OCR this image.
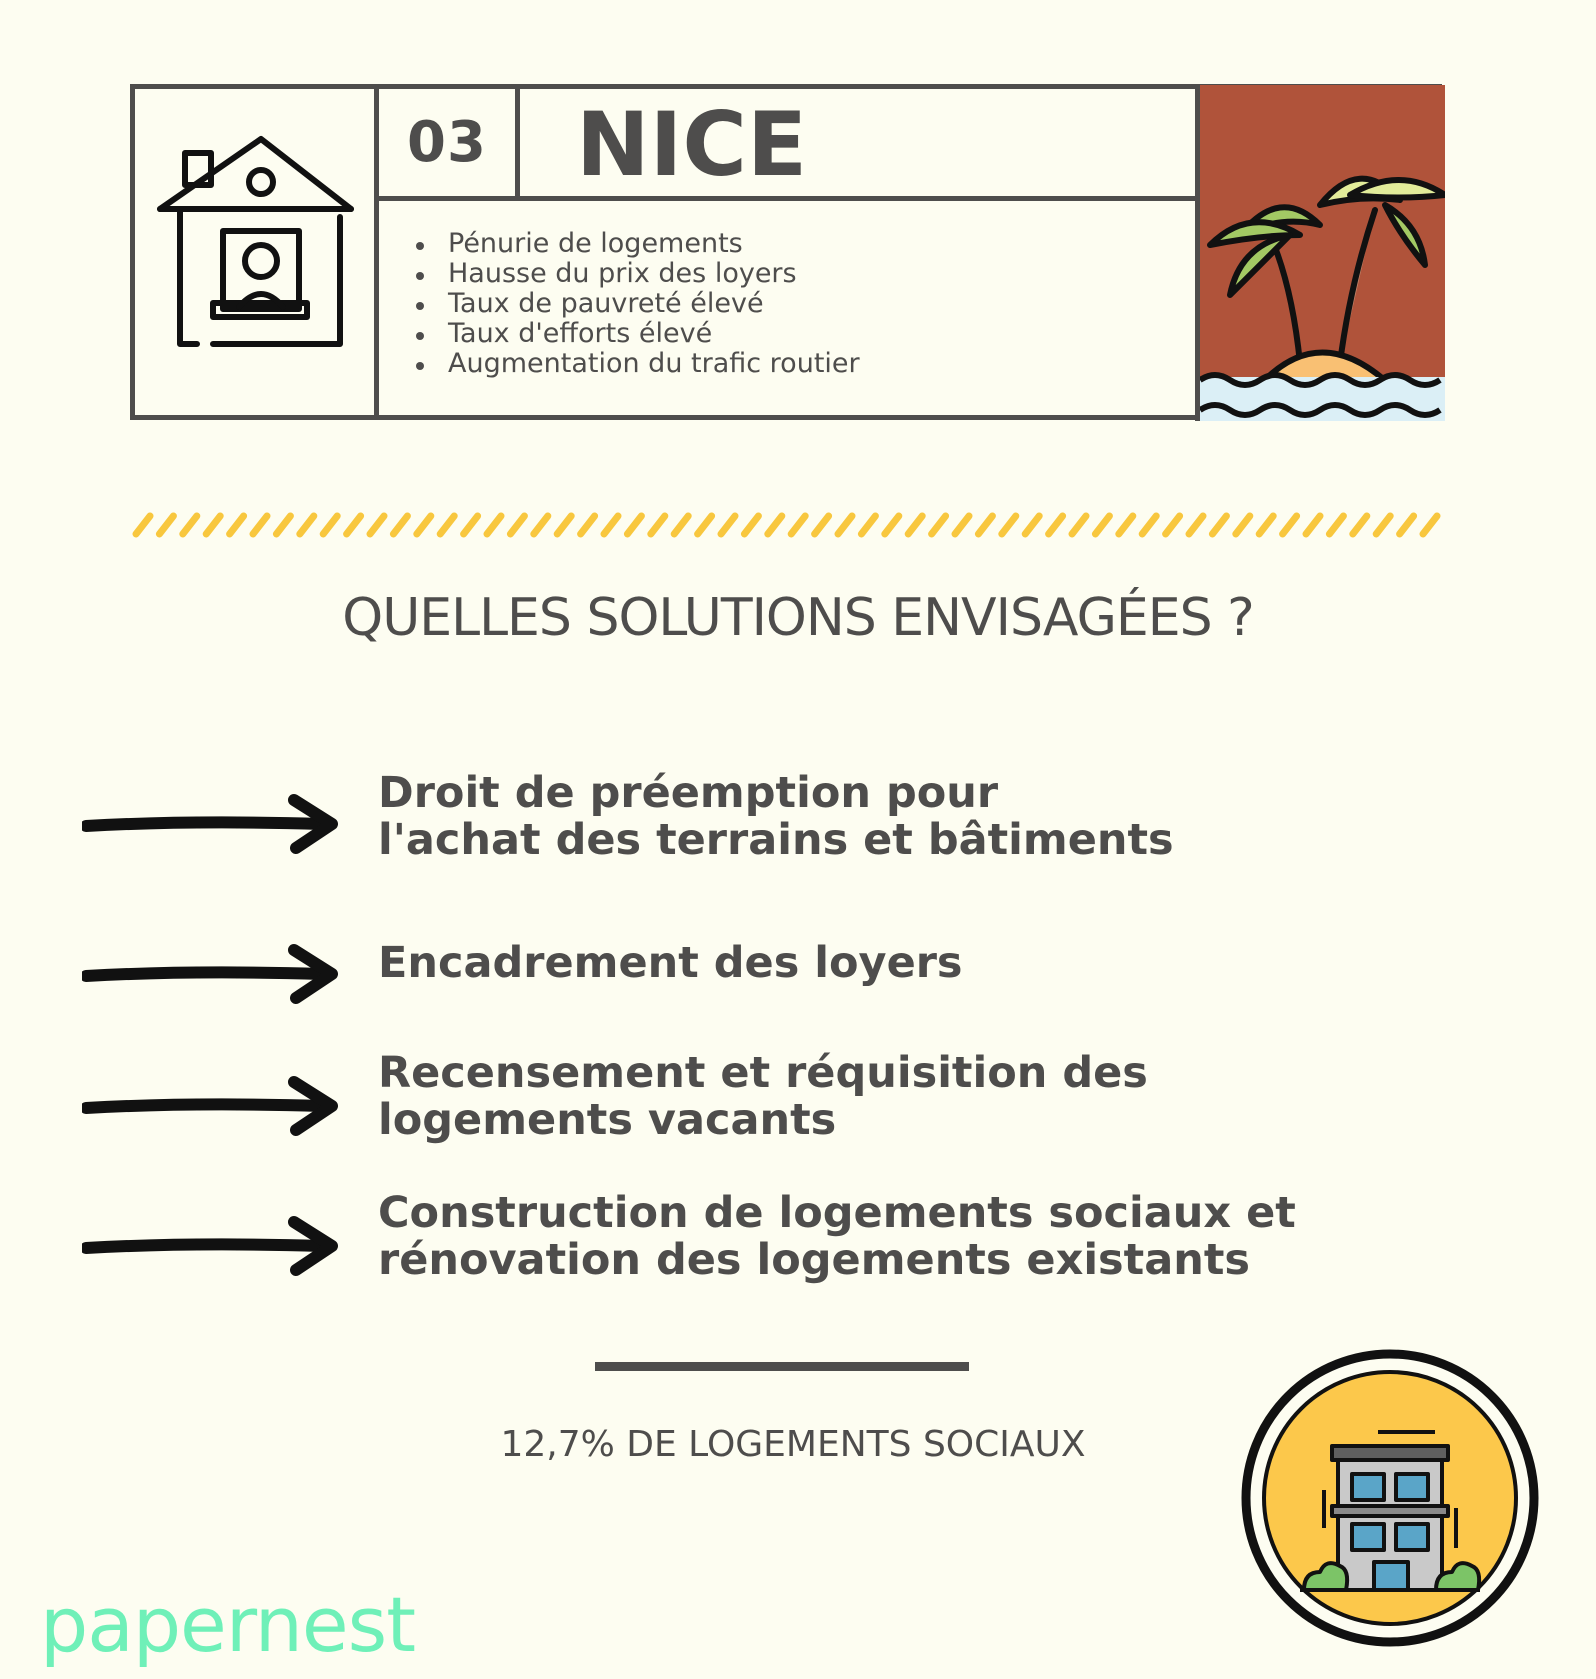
03	NICE
Pénurie de logements
Hausse du prix des loyers
Taux de pauvreté élevé
Taux d'efforts élevé
Augmentation du trafic routier
QUELLES SOLUTIONS ENVISAGÉES ?
Droit de préemption pour
l'achat des terrains et bâtiments
Encadrement des loyers
Recensement et réquisition des
logements vacants
Construction de logements sociaux et
rénovation des logements existants
12,7% DE LOGEMENTS SOCIAUX
papernest
